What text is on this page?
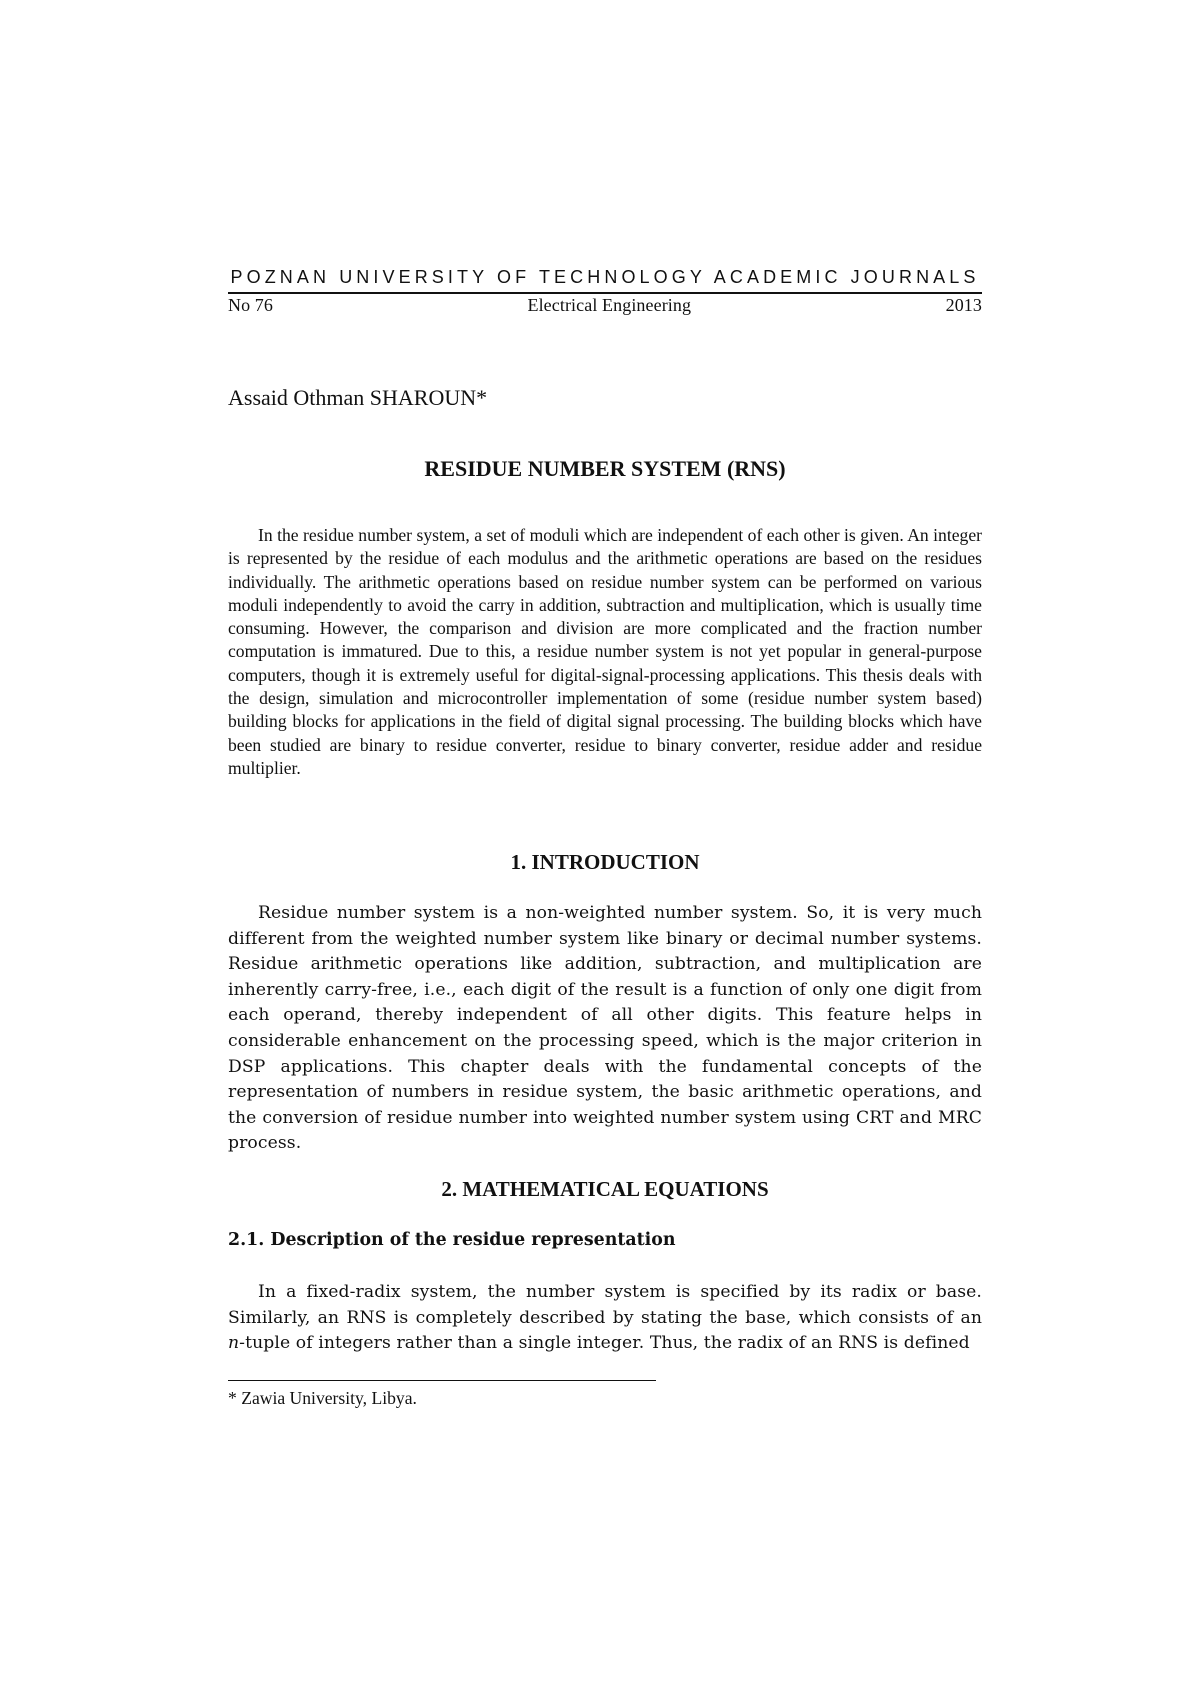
POZNAN UNIVERSITY OF TECHNOLOGY ACADEMIC JOURNALS
No 76	Electrical Engineering	2013
Assaid Othman SHAROUN*
RESIDUE NUMBER SYSTEM (RNS)

In the residue number system, a set of moduli which are independent of each other is given. An integer is represented by the residue of each modulus and the arithmetic operations are based on the residues individually. The arithmetic operations based on residue number system can be performed on various moduli independently to avoid the carry in addition, subtraction and multiplication, which is usually time consuming. However, the comparison and division are more complicated and the fraction number computation is immatured. Due to this, a residue number system is not yet popular in general-purpose computers, though it is extremely useful for digital-signal-processing applications. This thesis deals with the design, simulation and microcontroller implementation of some (residue number system based) building blocks for applications in the field of digital signal processing. The building blocks which have been studied are binary to residue converter, residue to binary converter, residue adder and residue multiplier.

1. INTRODUCTION

Residue number system is a non-weighted number system. So, it is very much different from the weighted number system like binary or decimal number systems. Residue arithmetic operations like addition, subtraction, and multiplication are inherently carry-free, i.e., each digit of the result is a function of only one digit from each operand, thereby independent of all other digits. This feature helps in considerable enhancement on the processing speed, which is the major criterion in DSP applications. This chapter deals with the fundamental concepts of the representation of numbers in residue system, the basic arithmetic operations, and the conversion of residue number into weighted number system using CRT and MRC process.

2. MATHEMATICAL EQUATIONS
2.1. Description of the residue representation

In a fixed-radix system, the number system is specified by its radix or base. Similarly, an RNS is completely described by stating the base, which consists of an n-tuple of integers rather than a single integer. Thus, the radix of an RNS is defined

* Zawia University, Libya.
